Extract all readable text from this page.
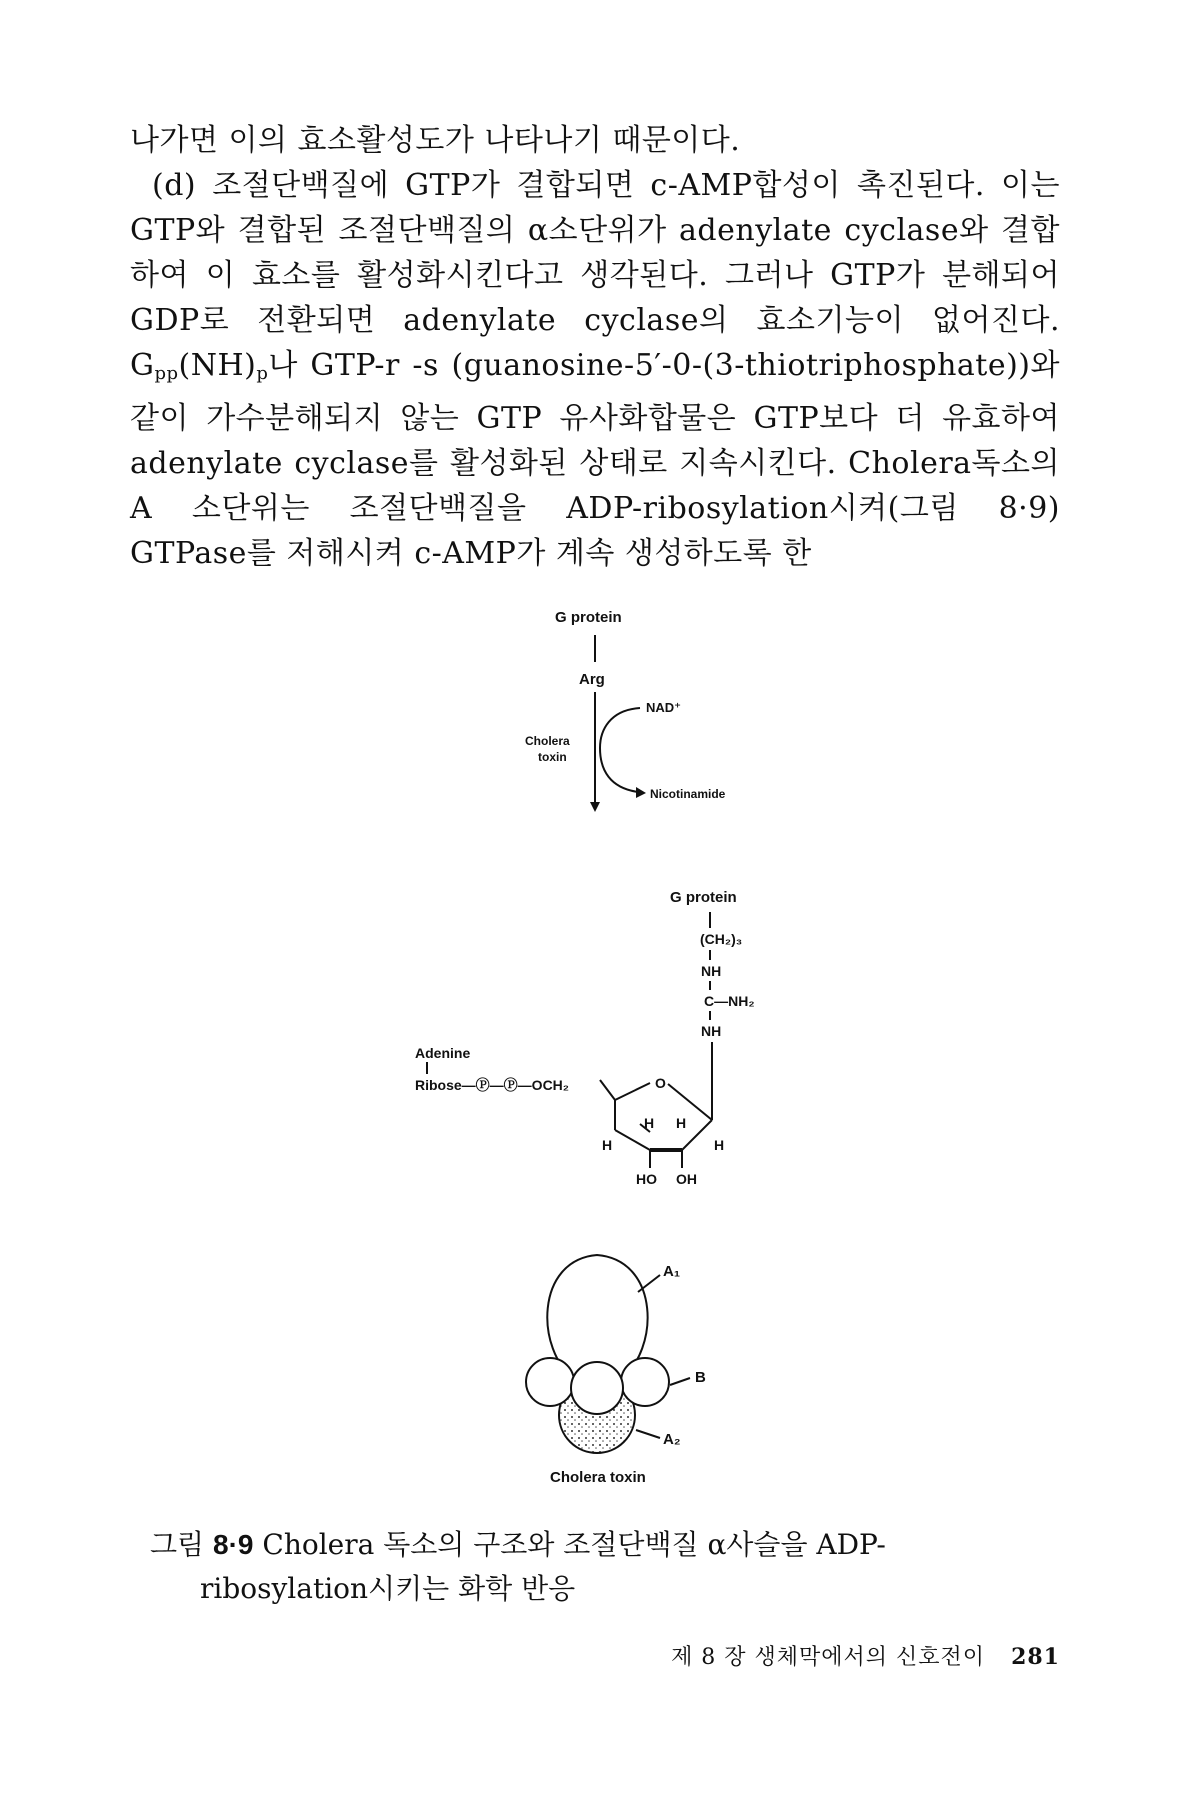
나가면 이의 효소활성도가 나타나기 때문이다.

(d) 조절단백질에 GTP가 결합되면 c-AMP합성이 촉진된다. 이는 GTP와 결합된 조절단백질의 α소단위가 adenylate cyclase와 결합하여 이 효소를 활성화시킨다고 생각된다. 그러나 GTP가 분해되어 GDP로 전환되면 adenylate cyclase의 효소기능이 없어진다. $G_{pp}(NH)_p$나 GTP-r -s (guanosine-5′-0-(3-thiotriphosphate))와 같이 가수분해되지 않는 GTP 유사화합물은 GTP보다 더 유효하여 adenylate cyclase를 활성화된 상태로 지속시킨다. Cholera독소의 A 소단위는 조절단백질을 ADP-ribosylation시켜(그림 8·9) GTPase를 저해시켜 c-AMP가 계속 생성하도록 한

G protein
Arg
NAD⁺
Cholera
toxin
Nicotinamide
G protein
(CH₂)₃
NH
C—NH₂
NH
Adenine
Ribose—Ⓟ—Ⓟ—OCH₂	O
H
H H
H
HO OH
A₁
B
A₂
Cholera toxin
그림 8·9 Cholera 독소의 구조와 조절단백질 α사슬을 ADP-
ribosylation시키는 화학 반응
제 8 장 생체막에서의 신호전이 281
